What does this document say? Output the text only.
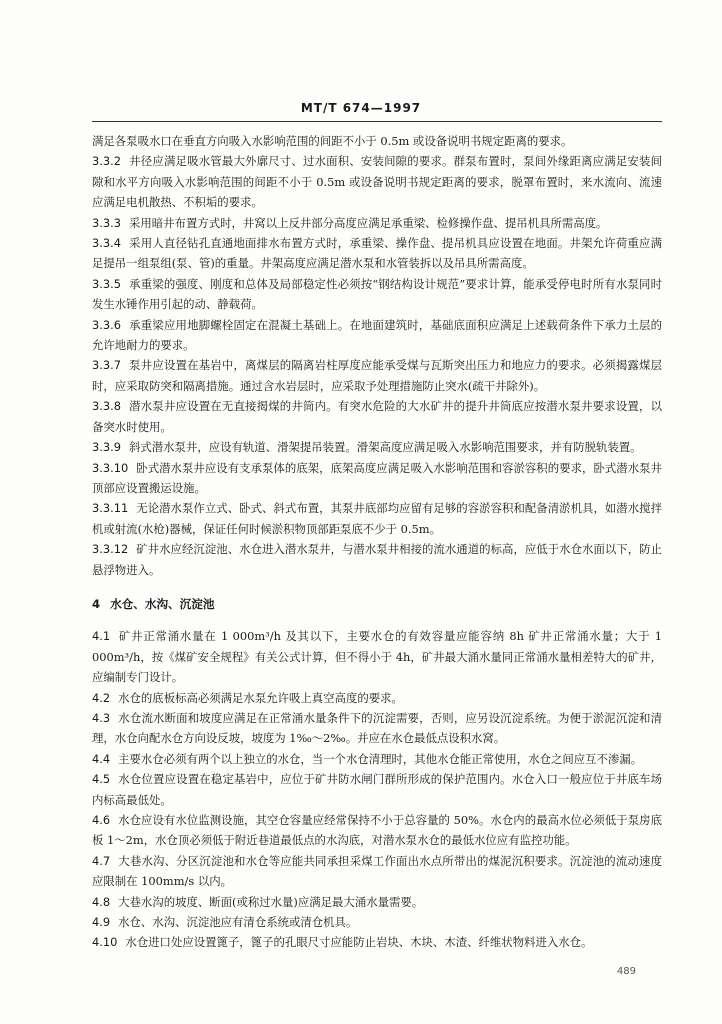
MT/T 674—1997

满足各泵吸水口在垂直方向吸入水影响范围的间距不小于 0.5m 或设备说明书规定距离的要求。

3.3.2 井径应满足吸水管最大外廓尺寸、过水面积、安装间隙的要求。群泵布置时，泵间外缘距离应满足安装间隙和水平方向吸入水影响范围的间距不小于 0.5m 或设备说明书规定距离的要求，脱罩布置时，来水流向、流速应满足电机散热、不积垢的要求。

3.3.3 采用暗井布置方式时，井窝以上反井部分高度应满足承重梁、检修操作盘、提吊机具所需高度。

3.3.4 采用人直径钻孔直通地面排水布置方式时，承重梁、操作盘、提吊机具应设置在地面。井架允许荷重应满足提吊一组泵组(泵、管)的重量。井架高度应满足潜水泵和水管装拆以及吊具所需高度。

3.3.5 承重梁的强度、刚度和总体及局部稳定性必须按“钢结构设计规范”要求计算，能承受停电时所有水泵同时发生水锤作用引起的动、静载荷。

3.3.6 承重梁应用地脚螺栓固定在混凝土基础上。在地面建筑时，基础底面积应满足上述载荷条件下承力土层的允许地耐力的要求。

3.3.7 泵井应设置在基岩中，离煤层的隔离岩柱厚度应能承受煤与瓦斯突出压力和地应力的要求。必须揭露煤层时，应采取防突和隔离措施。通过含水岩层时，应采取予处理措施防止突水(疏干井除外)。

3.3.8 潜水泵井应设置在无直接揭煤的井筒内。有突水危险的大水矿井的提升井筒底应按潜水泵井要求设置，以备突水时使用。

3.3.9 斜式潜水泵井，应设有轨道、滑架提吊装置。滑架高度应满足吸入水影响范围要求，并有防脱轨装置。

3.3.10 卧式潜水泵井应设有支承泵体的底架，底架高度应满足吸入水影响范围和容淤容积的要求，卧式潜水泵井顶部应设置搬运设施。

3.3.11 无论潜水泵作立式、卧式、斜式布置，其泵井底部均应留有足够的容淤容积和配备清淤机具，如潜水搅拌机或射流(水枪)器械，保证任何时候淤积物顶部距泵底不少于 0.5m。

3.3.12 矿井水应经沉淀池、水仓进入潜水泵井，与潜水泵井相接的流水通道的标高，应低于水仓水面以下，防止悬浮物进入。

4 水仓、水沟、沉淀池

4.1 矿井正常涌水量在 1 000m³/h 及其以下，主要水仓的有效容量应能容纳 8h 矿井正常涌水量；大于 1 000m³/h，按《煤矿安全规程》有关公式计算，但不得小于 4h，矿井最大涌水量同正常涌水量相差特大的矿井，应编制专门设计。

4.2 水仓的底板标高必须满足水泵允许吸上真空高度的要求。

4.3 水仓流水断面和坡度应满足在正常涌水量条件下的沉淀需要，否则，应另设沉淀系统。为便于淤泥沉淀和清理，水仓向配水仓方向设反坡，坡度为 1‰～2‰。并应在水仓最低点设积水窝。

4.4 主要水仓必须有两个以上独立的水仓，当一个水仓清理时，其他水仓能正常使用，水仓之间应互不渗漏。

4.5 水仓位置应设置在稳定基岩中，应位于矿井防水闸门群所形成的保护范围内。水仓入口一般应位于井底车场内标高最低处。

4.6 水仓应设有水位监测设施，其空仓容量应经常保持不小于总容量的 50%。水仓内的最高水位必须低于泵房底板 1～2m，水仓顶必须低于附近巷道最低点的水沟底，对潜水泵水仓的最低水位应有监控功能。

4.7 大巷水沟、分区沉淀池和水仓等应能共同承担采煤工作面出水点所带出的煤泥沉积要求。沉淀池的流动速度应限制在 100mm/s 以内。

4.8 大巷水沟的坡度、断面(或称过水量)应满足最大涌水量需要。

4.9 水仓、水沟、沉淀池应有清仓系统或清仓机具。

4.10 水仓进口处应设置篦子，篦子的孔眼尺寸应能防止岩块、木块、木渣、纤维状物料进入水仓。

489
